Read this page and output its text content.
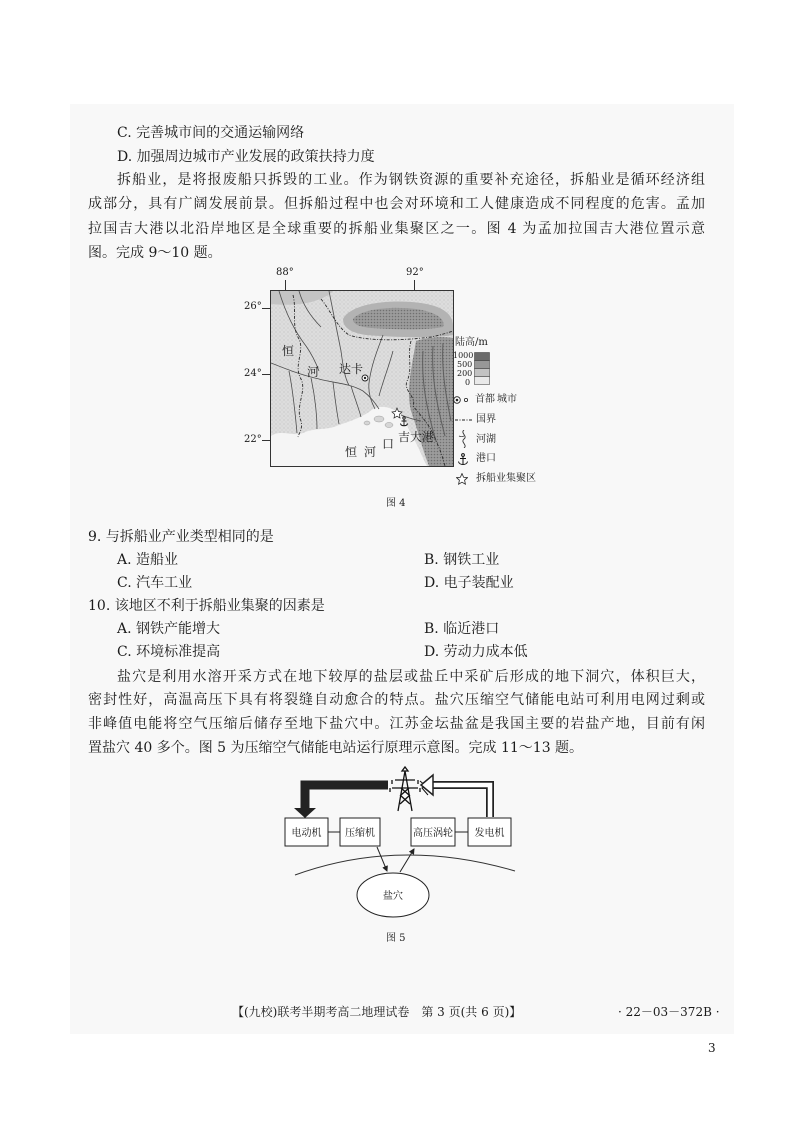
C. 完善城市间的交通运输网络
D. 加强周边城市产业发展的政策扶持力度
拆船业，是将报废船只拆毁的工业。作为钢铁资源的重要补充途径，拆船业是循环经济组
成部分，具有广阔发展前景。但拆船过程中也会对环境和工人健康造成不同程度的危害。孟加
拉国吉大港以北沿岸地区是全球重要的拆船业集聚区之一。图 4 为孟加拉国吉大港位置示意
图。完成 9～10 题。
88°	92°
26°
24°
22°
恒
河 达卡
吉大港
口
恒 河
陆高/m
1000
500
200
0
首都 城市
国界
河湖
港口
拆船业集聚区
图 4
9. 与拆船业产业类型相同的是
A. 造船业	B. 钢铁工业
C. 汽车工业	D. 电子装配业
10. 该地区不利于拆船业集聚的因素是
A. 钢铁产能增大	B. 临近港口
C. 环境标准提高	D. 劳动力成本低
盐穴是利用水溶开采方式在地下较厚的盐层或盐丘中采矿后形成的地下洞穴，体积巨大，
密封性好，高温高压下具有将裂缝自动愈合的特点。盐穴压缩空气储能电站可利用电网过剩或
非峰值电能将空气压缩后储存至地下盐穴中。江苏金坛盐盆是我国主要的岩盐产地，目前有闲
置盐穴 40 多个。图 5 为压缩空气储能电站运行原理示意图。完成 11～13 题。
电动机 压缩机	高压涡轮 发电机
盐穴
图 5
【(九校)联考半期考高二地理试卷　第 3 页(共 6 页)】	· 22－03－372B ·
3
